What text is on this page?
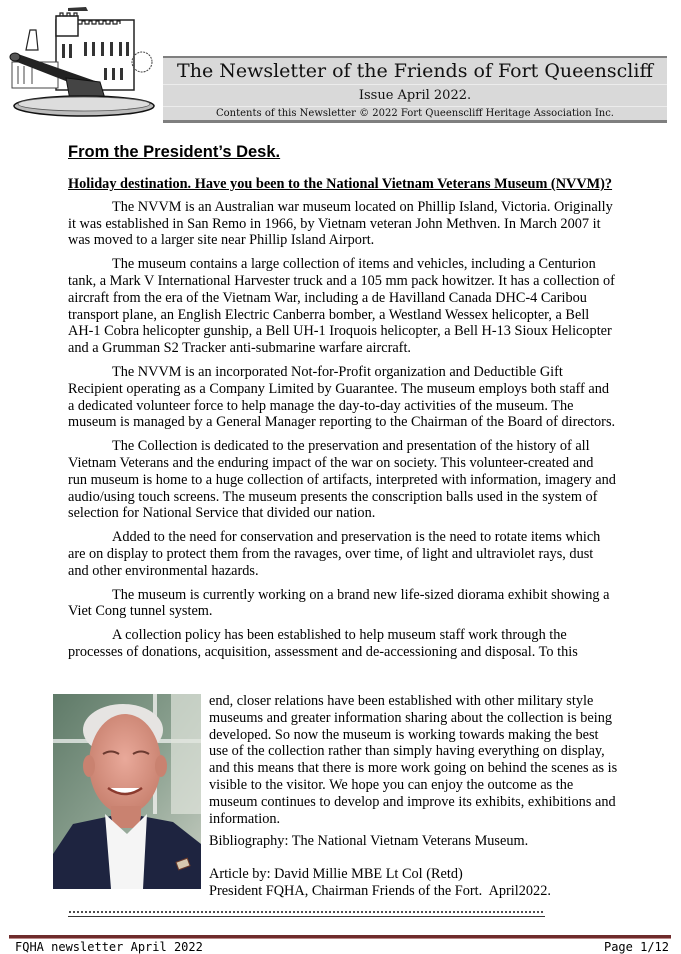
The Newsletter of the Friends of Fort Queenscliff
Issue April 2022.
Contents of this Newsletter © 2022 Fort Queenscliff Heritage Association Inc.
From the President’s Desk.
Holiday destination. Have you been to the National Vietnam Veterans Museum (NVVM)?

The NVVM is an Australian war museum located on Phillip Island, Victoria. Originally it was established in San Remo in 1966, by Vietnam veteran John Methven. In March 2007 it was moved to a larger site near Phillip Island Airport.

The museum contains a large collection of items and vehicles, including a Centurion tank, a Mark V International Harvester truck and a 105 mm pack howitzer. It has a collection of aircraft from the era of the Vietnam War, including a de Havilland Canada DHC-4 Caribou transport plane, an English Electric Canberra bomber, a Westland Wessex helicopter, a Bell AH-1 Cobra helicopter gunship, a Bell UH-1 Iroquois helicopter, a Bell H-13 Sioux Helicopter and a Grumman S2 Tracker anti-submarine warfare aircraft.

The NVVM is an incorporated Not-for-Profit organization and Deductible Gift Recipient operating as a Company Limited by Guarantee. The museum employs both staff and a dedicated volunteer force to help manage the day-to-day activities of the museum. The museum is managed by a General Manager reporting to the Chairman of the Board of directors.

The Collection is dedicated to the preservation and presentation of the history of all Vietnam Veterans and the enduring impact of the war on society. This volunteer-created and run museum is home to a huge collection of artifacts, interpreted with information, imagery and audio/using touch screens. The museum presents the conscription balls used in the system of selection for National Service that divided our nation.

Added to the need for conservation and preservation is the need to rotate items which are on display to protect them from the ravages, over time, of light and ultraviolet rays, dust and other environmental hazards.

The museum is currently working on a brand new life-sized diorama exhibit showing a Viet Cong tunnel system.

A collection policy has been established to help museum staff work through the processes of donations, acquisition, assessment and de-accessioning and disposal. To this

end, closer relations have been established with other military style museums and greater information sharing about the collection is being developed. So now the museum is working towards making the best use of the collection rather than simply having everything on display, and this means that there is more work going on behind the scenes as is visible to the visitor. We hope you can enjoy the outcome as the museum continues to develop and improve its exhibits, exhibitions and information.

Bibliography: The National Vietnam Veterans Museum.

Article by: David Millie MBE Lt Col (Retd)

President FQHA, Chairman Friends of the Fort.  April2022.

FQHA newsletter April 2022	Page 1/12
